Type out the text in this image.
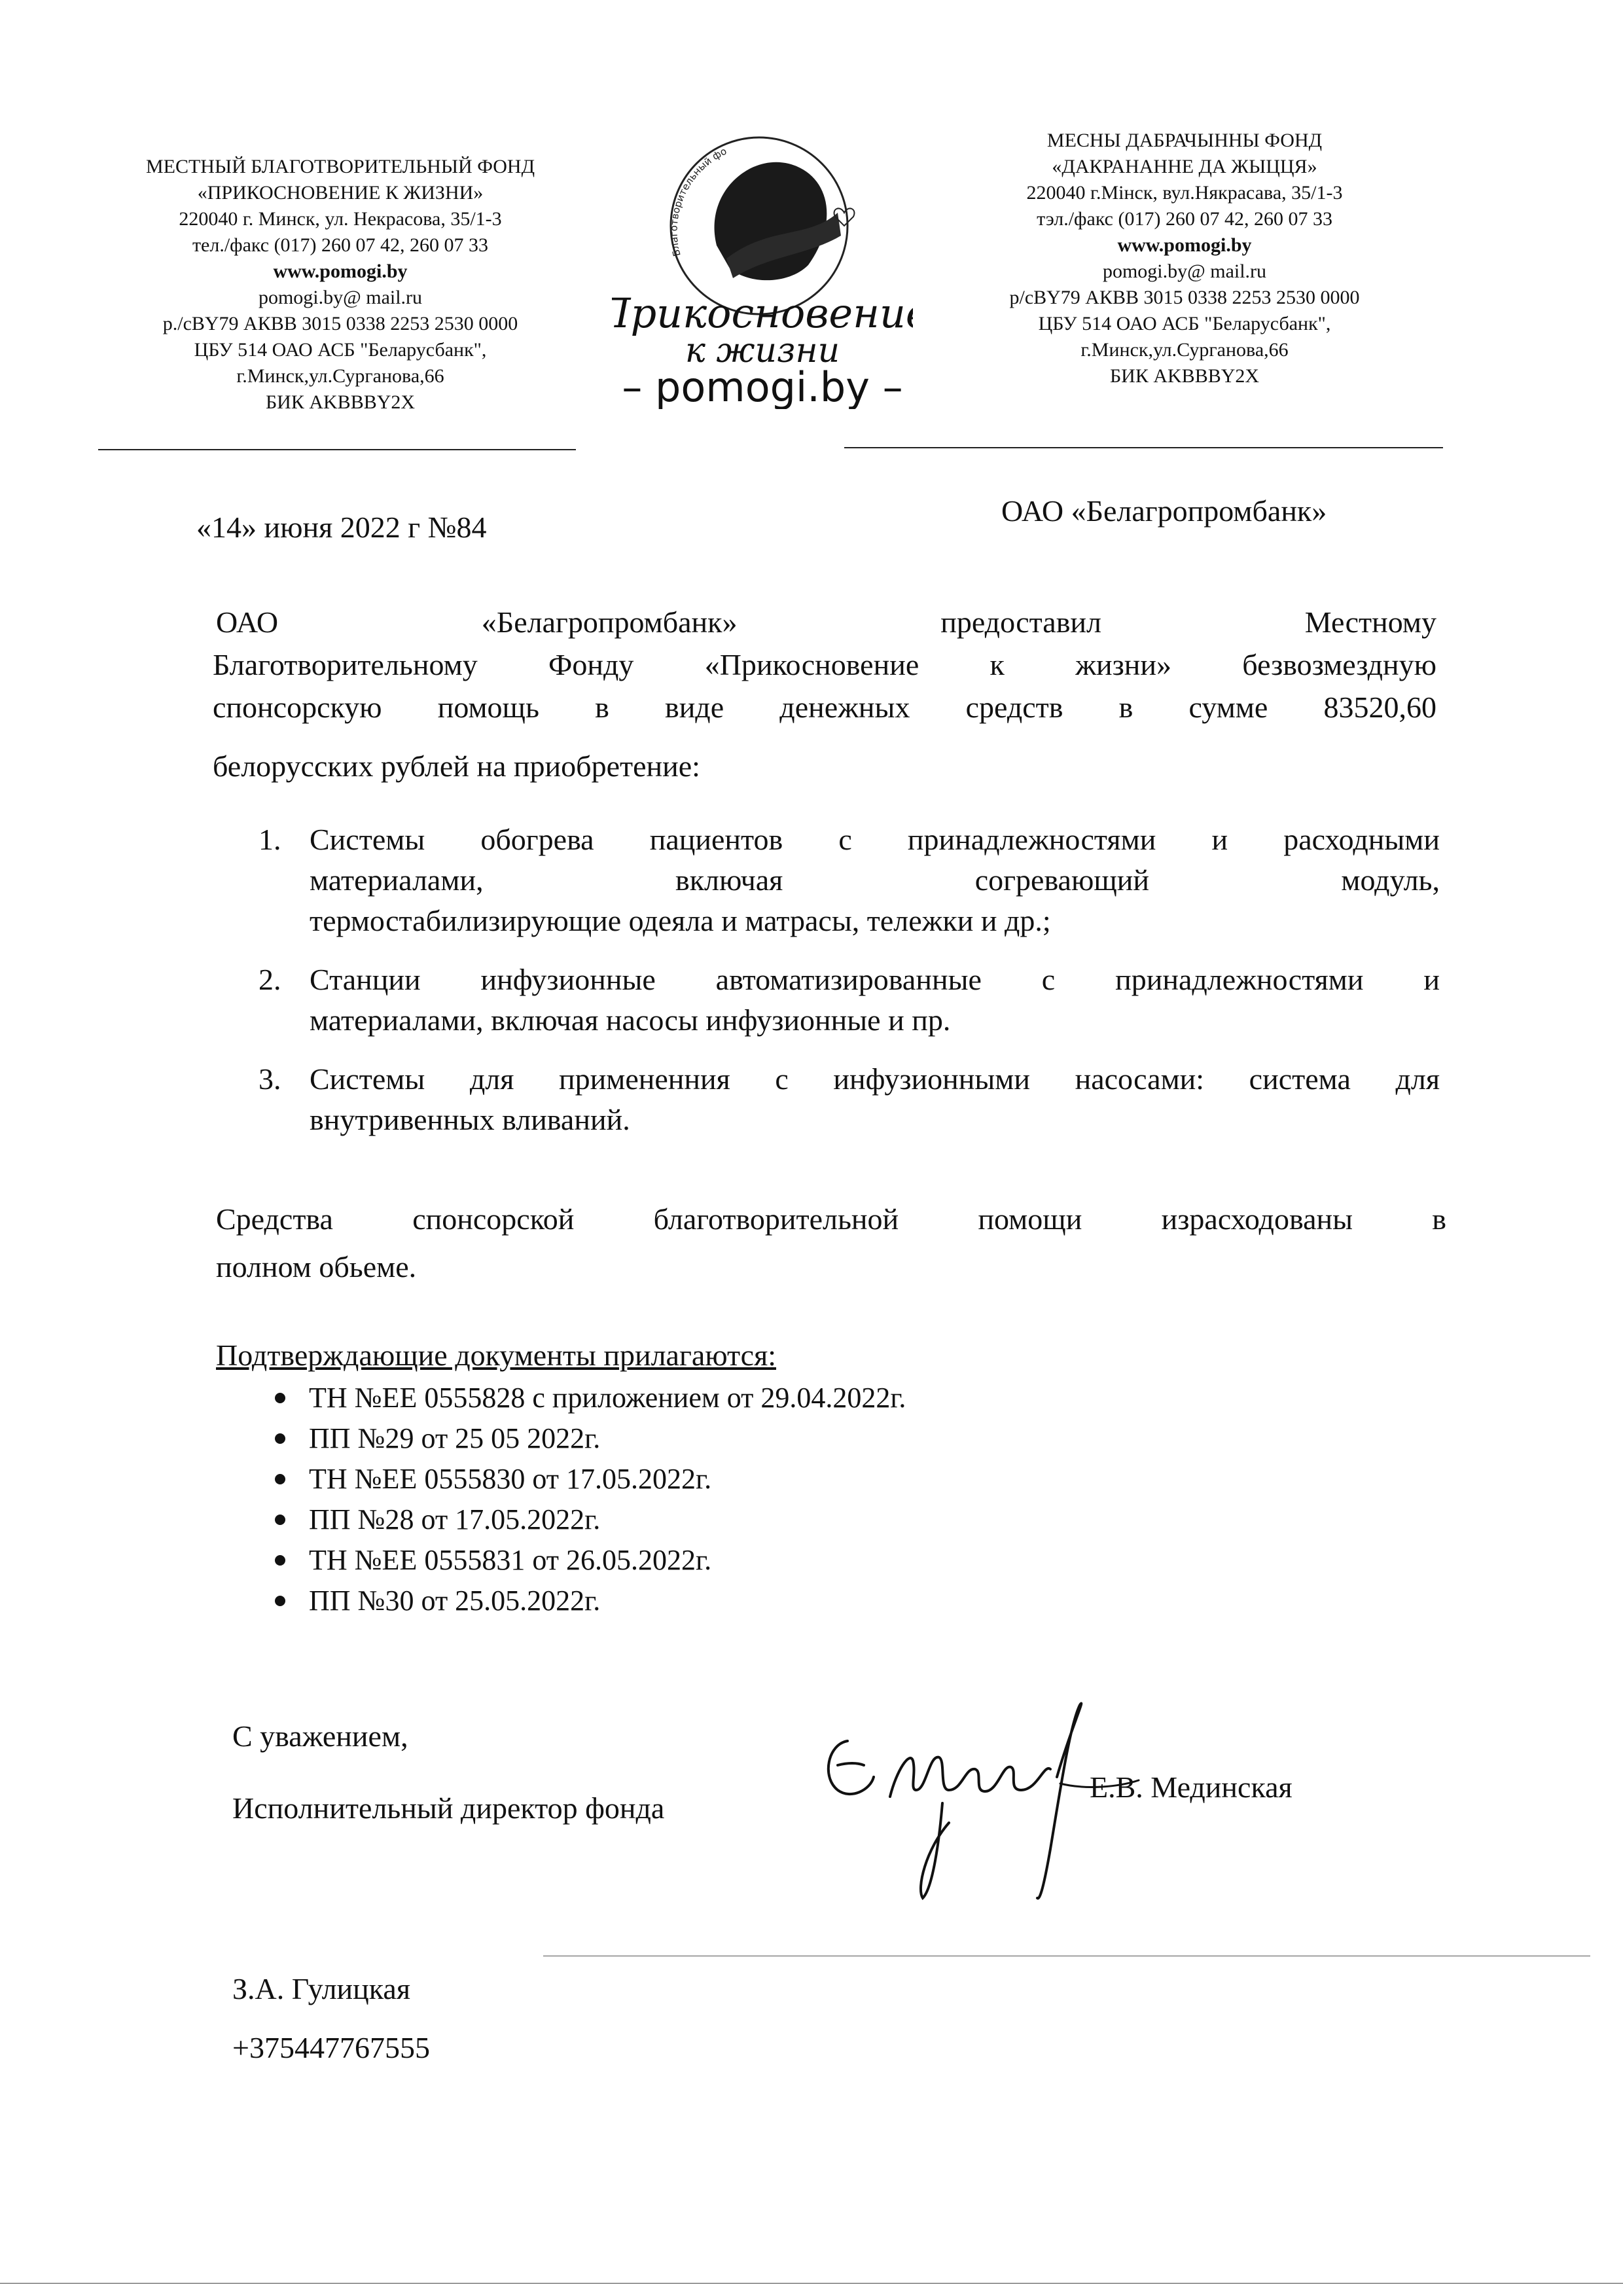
МЕСТНЫЙ БЛАГОТВОРИТЕЛЬНЫЙ ФОНД
«ПРИКОСНОВЕНИЕ К ЖИЗНИ»
220040 г. Минск, ул. Некрасова, 35/1-3
тел./факс (017) 260 07 42, 260 07 33
www.pomogi.by
pomogi.by@ mail.ru
р./сBY79 АКВВ 3015 0338 2253 2530 0000
ЦБУ 514 ОАО АСБ "Беларусбанк",
г.Минск,ул.Сурганова,66
БИК AKBBBY2X
МЕСНЫ ДАБРАЧЫННЫ ФОНД
«ДАКРАНАННЕ ДА ЖЫЦЦЯ»
220040 г.Мінск, вул.Някрасава, 35/1-3
тэл./факс (017) 260 07 42, 260 07 33
www.pomogi.by
pomogi.by@ mail.ru
р/сBY79 АКВВ 3015 0338 2253 2530 0000
ЦБУ 514 ОАО АСБ "Беларусбанк",
г.Минск,ул.Сурганова,66
БИК AKBBBY2X
Благотворительный фо
рикосновение
к жизни
– pomogi.by –
«14» июня 2022 г №84	ОАО «Белагропромбанк»
ОАО	«Белагропромбанк»	предоставил	Местному
Благотворительному Фонду «Прикосновение к жизни» безвозмездную
спонсорскую помощь в виде денежных средств в сумме 83520,60
белорусских рублей на приобретение:
1. Системы обогрева пациентов с принадлежностями и расходными
материалами, включая согревающий модуль,
термостабилизирующие одеяла и матрасы, тележки и др.;
2. Станции инфузионные автоматизированные с принадлежностями и
материалами, включая насосы инфузионные и пр.
3. Системы для примененния с инфузионными насосами: система для
внутривенных вливаний.
Средства спонсорской благотворительной помощи израсходованы в
полном обьеме.
Подтверждающие документы прилагаются:
ТН №ЕЕ 0555828 с приложением от 29.04.2022г.
ПП №29 от 25 05 2022г.
ТН №ЕЕ 0555830 от 17.05.2022г.
ПП №28 от 17.05.2022г.
ТН №ЕЕ 0555831 от 26.05.2022г.
ПП №30 от 25.05.2022г.
С уважением,
Исполнительный директор фонда
Е.В. Мединская
З.А. Гулицкая
+375447767555
